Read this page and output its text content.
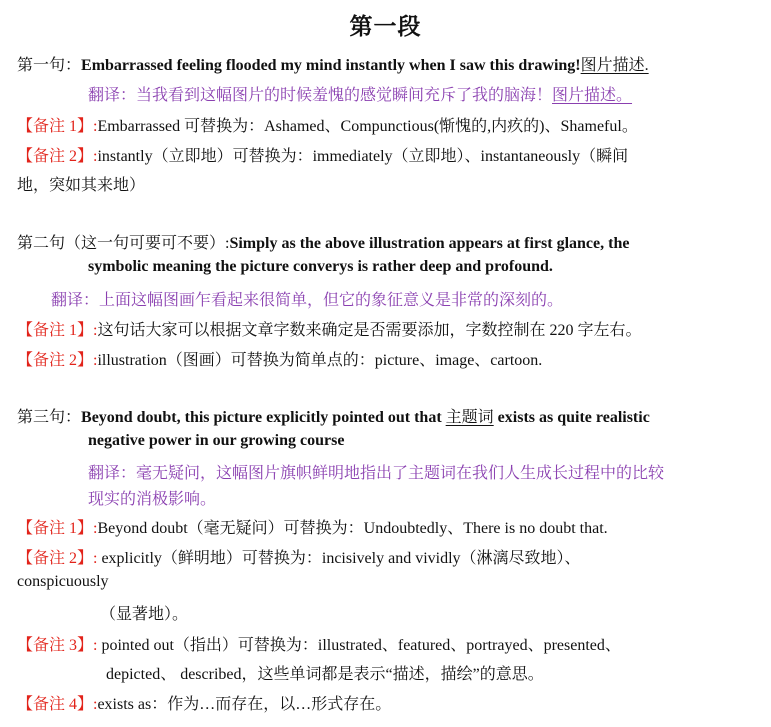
第一段
第一句：Embarrassed feeling flooded my mind instantly when I saw this drawing!图片描述.
翻译：当我看到这幅图片的时候羞愧的感觉瞬间充斥了我的脑海！图片描述。
【备注 1】:Embarrassed 可替换为：Ashamed、Compunctious(惭愧的,内疚的)、Shameful。
【备注 2】:instantly（立即地）可替换为：immediately（立即地）、instantaneously（瞬间
地，突如其来地）
第二句（这一句可要可不要）:Simply as the above illustration appears at first glance, the
symbolic meaning the picture converys is rather deep and profound.
翻译：上面这幅图画乍看起来很简单，但它的象征意义是非常的深刻的。
【备注 1】:这句话大家可以根据文章字数来确定是否需要添加，字数控制在 220 字左右。
【备注 2】:illustration（图画）可替换为简单点的：picture、image、cartoon.
第三句：Beyond doubt, this picture explicitly pointed out that 主题词 exists as quite realistic
negative power in our growing course
翻译：毫无疑问，这幅图片旗帜鲜明地指出了主题词在我们人生成长过程中的比较
现实的消极影响。
【备注 1】:Beyond doubt（毫无疑问）可替换为：Undoubtedly、There is no doubt that.
【备注 2】: explicitly（鲜明地）可替换为：incisively and vividly（淋漓尽致地）、
conspicuously
（显著地）。
【备注 3】: pointed out（指出）可替换为：illustrated、featured、portrayed、presented、
depicted、 described，这些单词都是表示“描述，描绘”的意思。
【备注 4】:exists as：作为…而存在，以…形式存在。
